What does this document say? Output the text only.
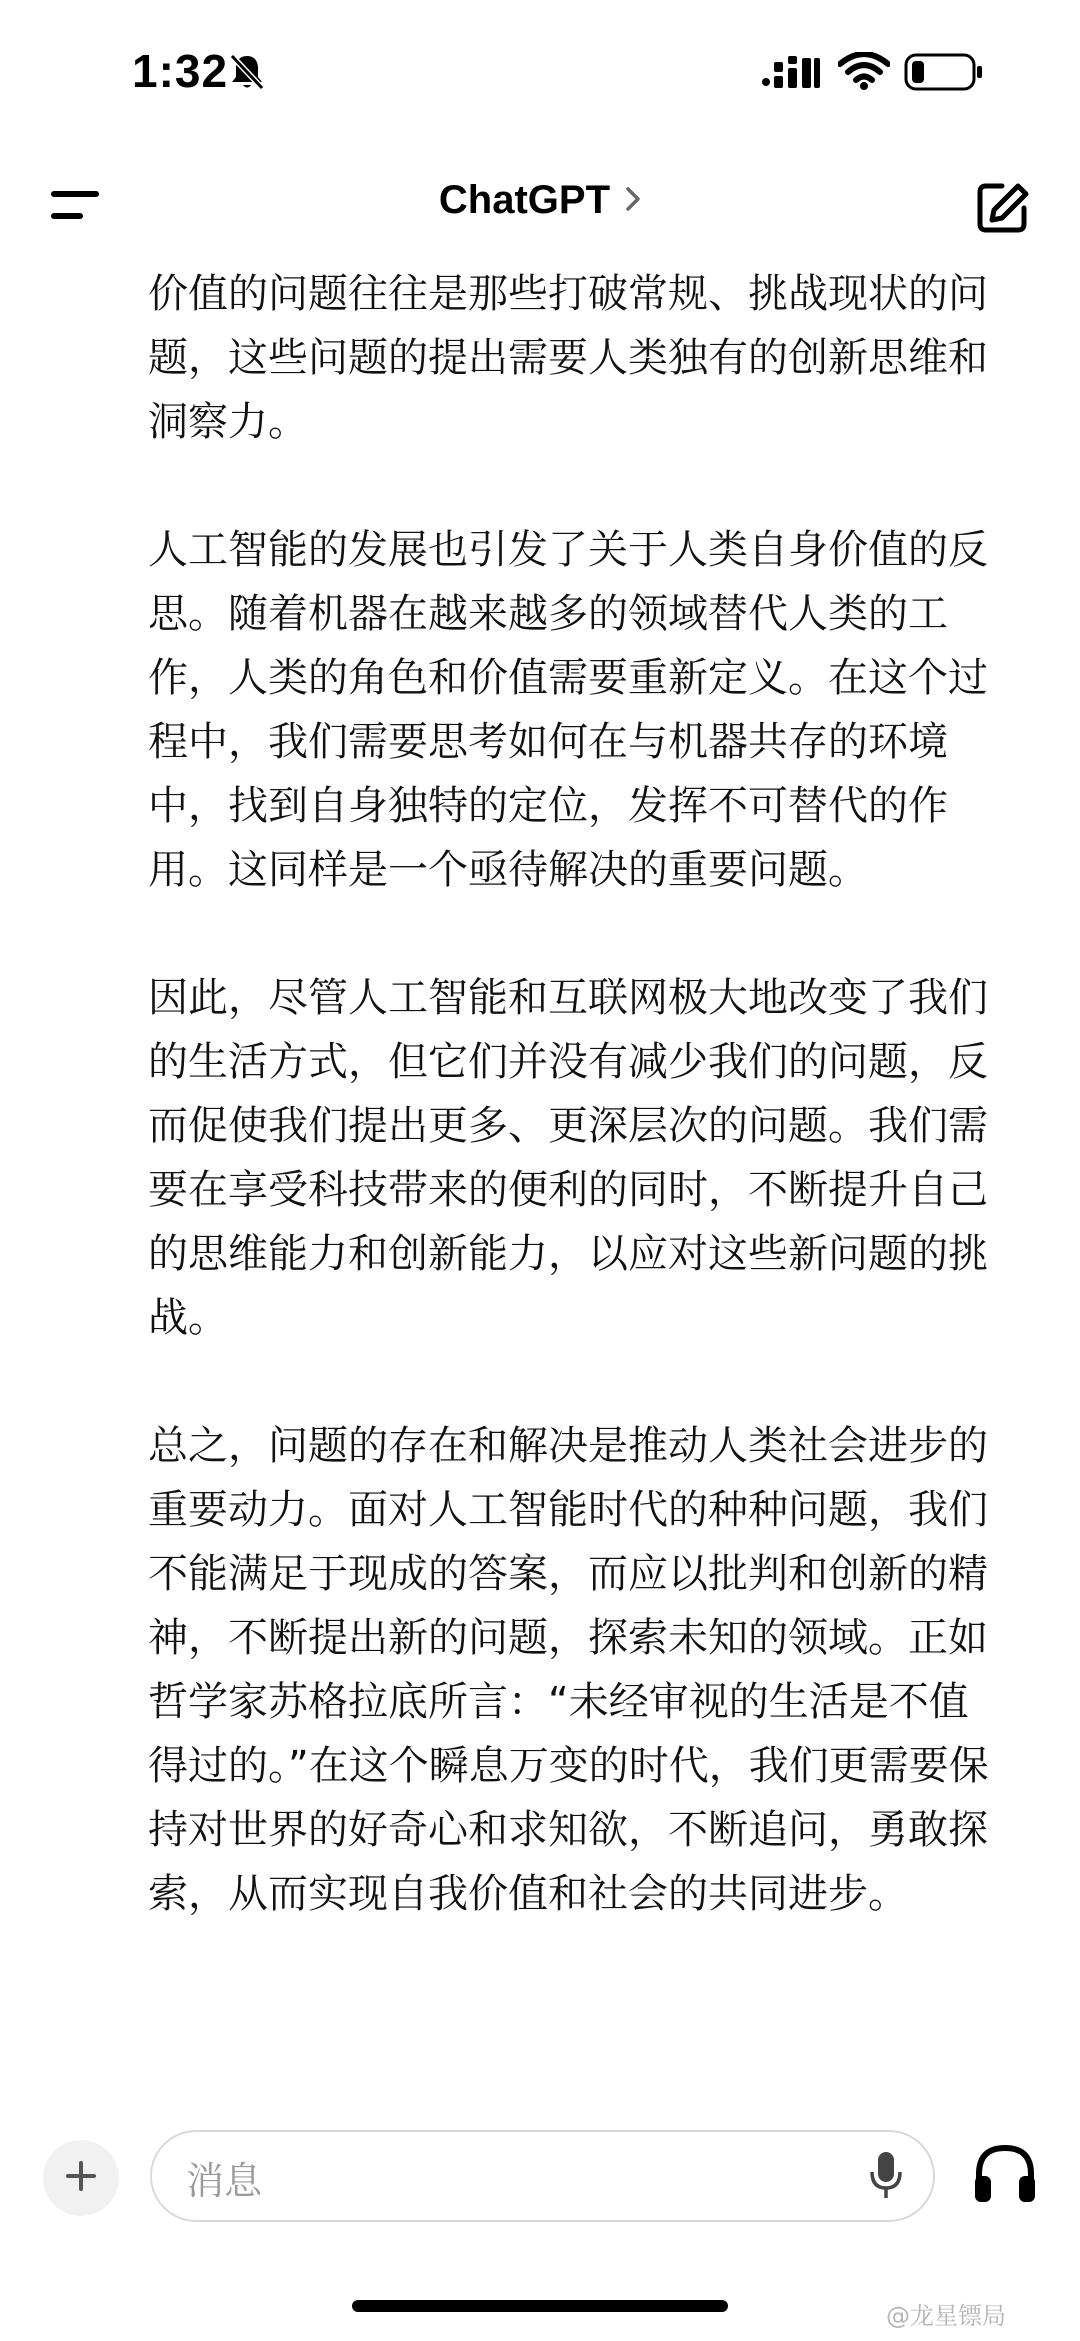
1:32
ChatGPT

价值的问题往往是那些打破常规、挑战现状的问题，这些问题的提出需要人类独有的创新思维和洞察力。

人工智能的发展也引发了关于人类自身价值的反思。随着机器在越来越多的领域替代人类的工作，人类的角色和价值需要重新定义。在这个过程中，我们需要思考如何在与机器共存的环境中，找到自身独特的定位，发挥不可替代的作用。这同样是一个亟待解决的重要问题。

因此，尽管人工智能和互联网极大地改变了我们的生活方式，但它们并没有减少我们的问题，反而促使我们提出更多、更深层次的问题。我们需要在享受科技带来的便利的同时，不断提升自己的思维能力和创新能力，以应对这些新问题的挑战。

总之，问题的存在和解决是推动人类社会进步的重要动力。面对人工智能时代的种种问题，我们不能满足于现成的答案，而应以批判和创新的精神，不断提出新的问题，探索未知的领域。正如哲学家苏格拉底所言：“未经审视的生活是不值得过的。”在这个瞬息万变的时代，我们更需要保持对世界的好奇心和求知欲，不断追问，勇敢探索，从而实现自我价值和社会的共同进步。

消息
@龙星镖局
